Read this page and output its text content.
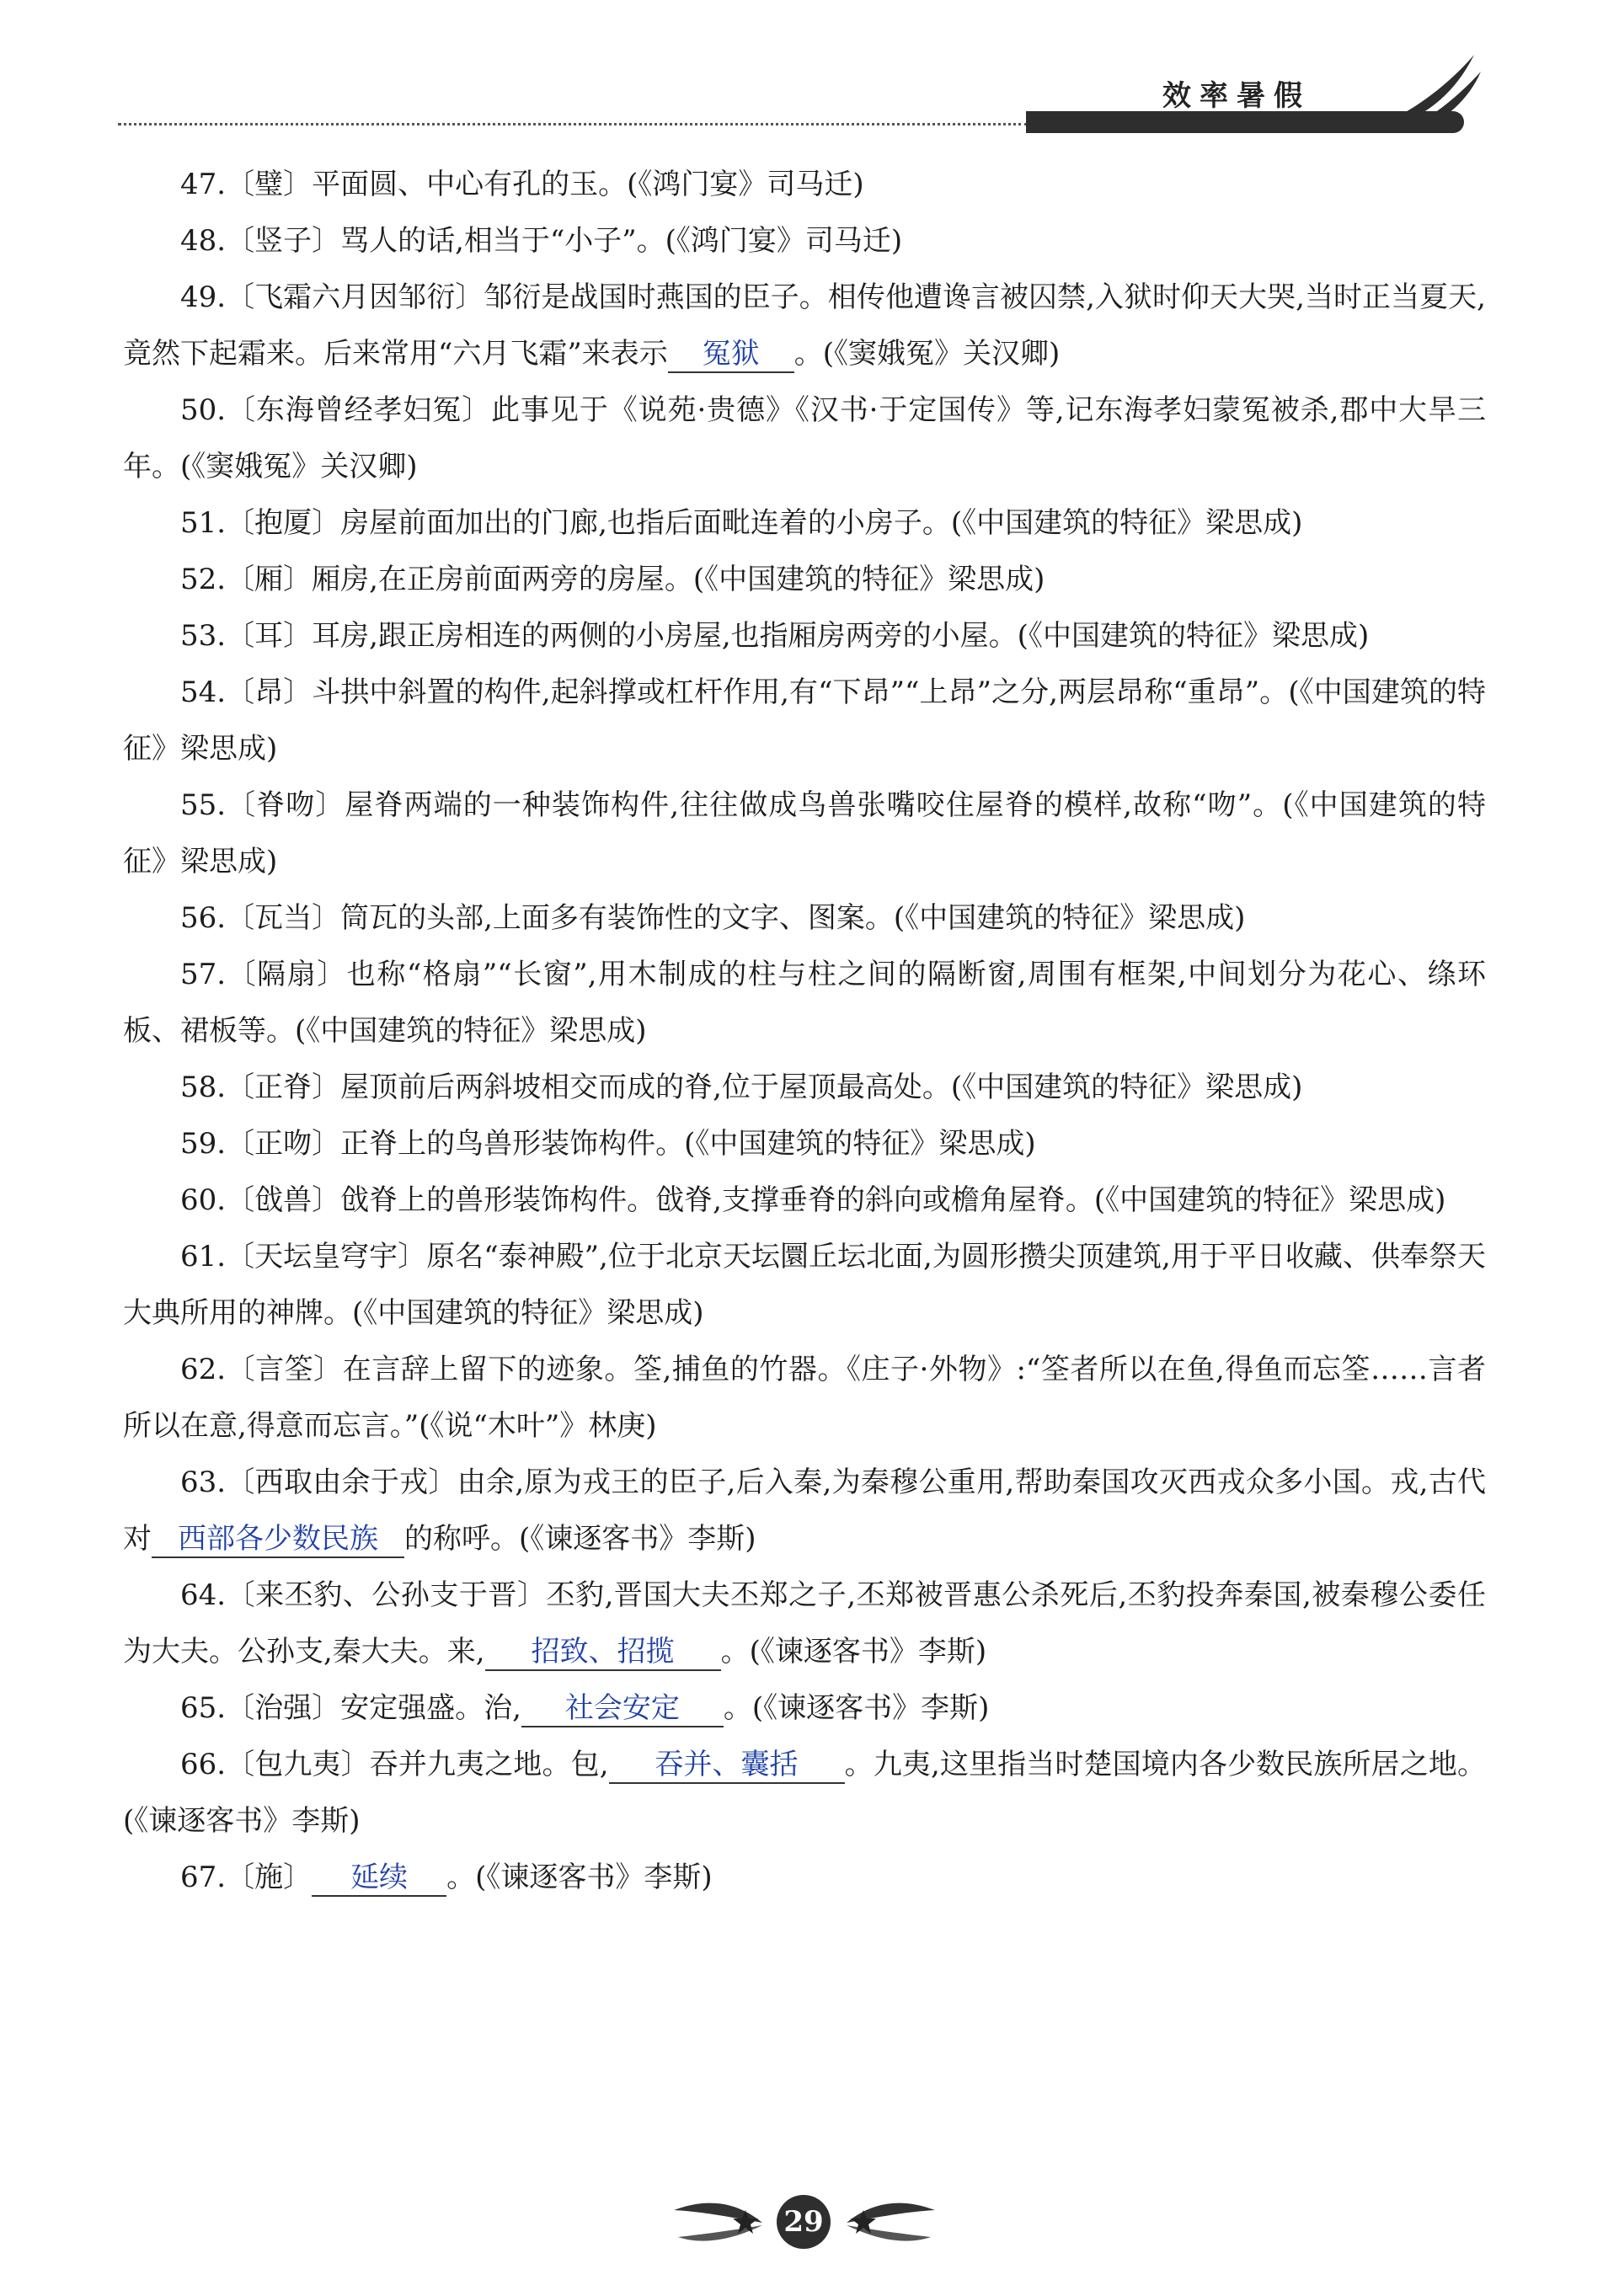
效率暑假

47.〔璧〕平面圆、中心有孔的玉。(《鸿门宴》司马迁)

48.〔竖子〕骂人的话,相当于“小子”。(《鸿门宴》司马迁)

49.〔飞霜六月因邹衍〕邹衍是战国时燕国的臣子。相传他遭谗言被囚禁,入狱时仰天大哭,当时正当夏天,竟然下起霜来。后来常用“六月飞霜”来表示 冤狱 。(《窦娥冤》关汉卿)

50.〔东海曾经孝妇冤〕此事见于《说苑·贵德》《汉书·于定国传》等,记东海孝妇蒙冤被杀,郡中大旱三年。(《窦娥冤》关汉卿)

51.〔抱厦〕房屋前面加出的门廊,也指后面毗连着的小房子。(《中国建筑的特征》梁思成)

52.〔厢〕厢房,在正房前面两旁的房屋。(《中国建筑的特征》梁思成)

53.〔耳〕耳房,跟正房相连的两侧的小房屋,也指厢房两旁的小屋。(《中国建筑的特征》梁思成)

54.〔昂〕斗拱中斜置的构件,起斜撑或杠杆作用,有“下昂”“上昂”之分,两层昂称“重昂”。(《中国建筑的特征》梁思成)

55.〔脊吻〕屋脊两端的一种装饰构件,往往做成鸟兽张嘴咬住屋脊的模样,故称“吻”。(《中国建筑的特征》梁思成)

56.〔瓦当〕筒瓦的头部,上面多有装饰性的文字、图案。(《中国建筑的特征》梁思成)

57.〔隔扇〕也称“格扇”“长窗”,用木制成的柱与柱之间的隔断窗,周围有框架,中间划分为花心、绦环板、裙板等。(《中国建筑的特征》梁思成)

58.〔正脊〕屋顶前后两斜坡相交而成的脊,位于屋顶最高处。(《中国建筑的特征》梁思成)

59.〔正吻〕正脊上的鸟兽形装饰构件。(《中国建筑的特征》梁思成)

60.〔戗兽〕戗脊上的兽形装饰构件。戗脊,支撑垂脊的斜向或檐角屋脊。(《中国建筑的特征》梁思成)

61.〔天坛皇穹宇〕原名“泰神殿”,位于北京天坛圜丘坛北面,为圆形攒尖顶建筑,用于平日收藏、供奉祭天大典所用的神牌。(《中国建筑的特征》梁思成)

62.〔言筌〕在言辞上留下的迹象。筌,捕鱼的竹器。《庄子·外物》:“筌者所以在鱼,得鱼而忘筌……言者所以在意,得意而忘言。”(《说“木叶”》林庚)

63.〔西取由余于戎〕由余,原为戎王的臣子,后入秦,为秦穆公重用,帮助秦国攻灭西戎众多小国。戎,古代对 西部各少数民族 的称呼。(《谏逐客书》李斯)

64.〔来丕豹、公孙支于晋〕丕豹,晋国大夫丕郑之子,丕郑被晋惠公杀死后,丕豹投奔秦国,被秦穆公委任为大夫。公孙支,秦大夫。来, 招致、招揽 。(《谏逐客书》李斯)

65.〔治强〕安定强盛。治, 社会安定 。(《谏逐客书》李斯)

66.〔包九夷〕吞并九夷之地。包, 吞并、囊括 。九夷,这里指当时楚国境内各少数民族所居之地。(《谏逐客书》李斯)

67.〔施〕 延续 。(《谏逐客书》李斯)

29
